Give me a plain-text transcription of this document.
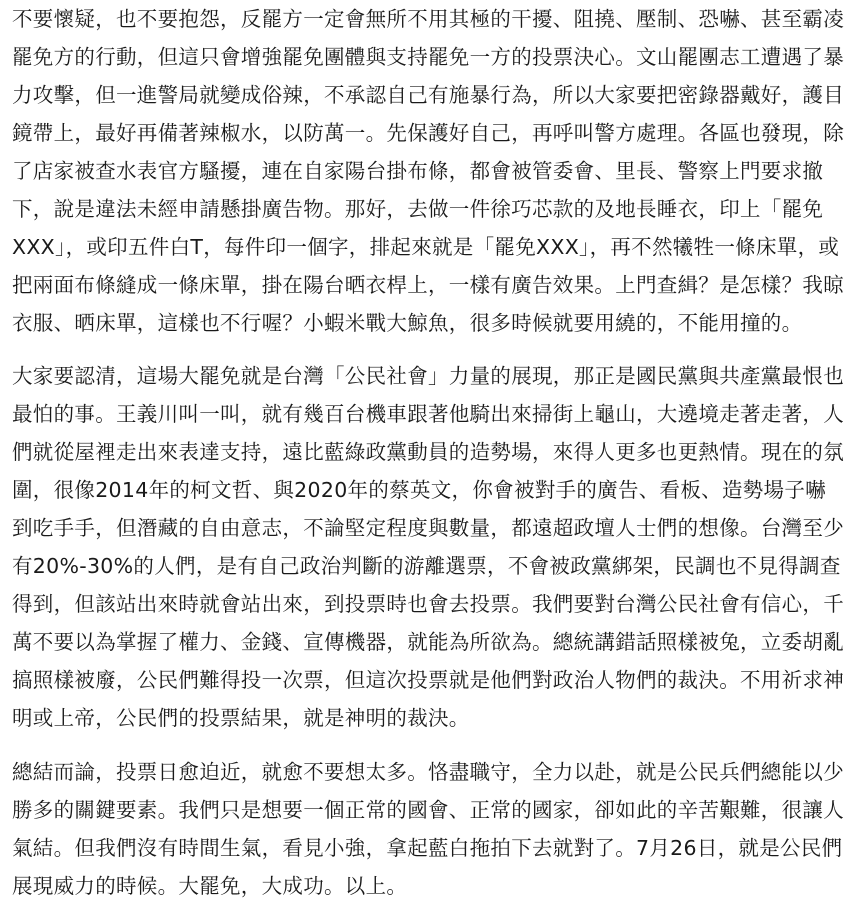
不要懷疑，也不要抱怨，反罷方一定會無所不用其極的干擾、阻撓、壓制、恐嚇、甚至霸凌罷免方的行動，但這只會增強罷免團體與支持罷免一方的投票決心。文山罷團志工遭遇了暴力攻擊，但一進警局就變成俗辣，不承認自己有施暴行為，所以大家要把密錄器戴好，護目鏡帶上，最好再備著辣椒水，以防萬一。先保護好自己，再呼叫警方處理。各區也發現，除了店家被查水表官方騷擾，連在自家陽台掛布條，都會被管委會、里長、警察上門要求撤下，說是違法未經申請懸掛廣告物。那好，去做一件徐巧芯款的及地長睡衣，印上「罷免XXX」，或印五件白T，每件印一個字，排起來就是「罷免XXX」，再不然犧牲一條床單，或把兩面布條縫成一條床單，掛在陽台晒衣桿上，一樣有廣告效果。上門查緝？是怎樣？我晾衣服、晒床單，這樣也不行喔？小蝦米戰大鯨魚，很多時候就要用繞的，不能用撞的。

大家要認清，這場大罷免就是台灣「公民社會」力量的展現，那正是國民黨與共產黨最恨也最怕的事。王義川叫一叫，就有幾百台機車跟著他騎出來掃街上龜山，大遶境走著走著，人們就從屋裡走出來表達支持，遠比藍綠政黨動員的造勢場，來得人更多也更熱情。現在的氛圍，很像2014年的柯文哲、與2020年的蔡英文，你會被對手的廣告、看板、造勢場子嚇到吃手手，但潛藏的自由意志，不論堅定程度與數量，都遠超政壇人士們的想像。台灣至少有20%-30%的人們，是有自己政治判斷的游離選票，不會被政黨綁架，民調也不見得調查得到，但該站出來時就會站出來，到投票時也會去投票。我們要對台灣公民社會有信心，千萬不要以為掌握了權力、金錢、宣傳機器，就能為所欲為。總統講錯話照樣被兔，立委胡亂搞照樣被廢，公民們難得投一次票，但這次投票就是他們對政治人物們的裁決。不用祈求神明或上帝，公民們的投票結果，就是神明的裁決。

總結而論，投票日愈迫近，就愈不要想太多。恪盡職守，全力以赴，就是公民兵們總能以少勝多的關鍵要素。我們只是想要一個正常的國會、正常的國家，卻如此的辛苦艱難，很讓人氣結。但我們沒有時間生氣，看見小強，拿起藍白拖拍下去就對了。7月26日，就是公民們展現威力的時候。大罷免，大成功。以上。
